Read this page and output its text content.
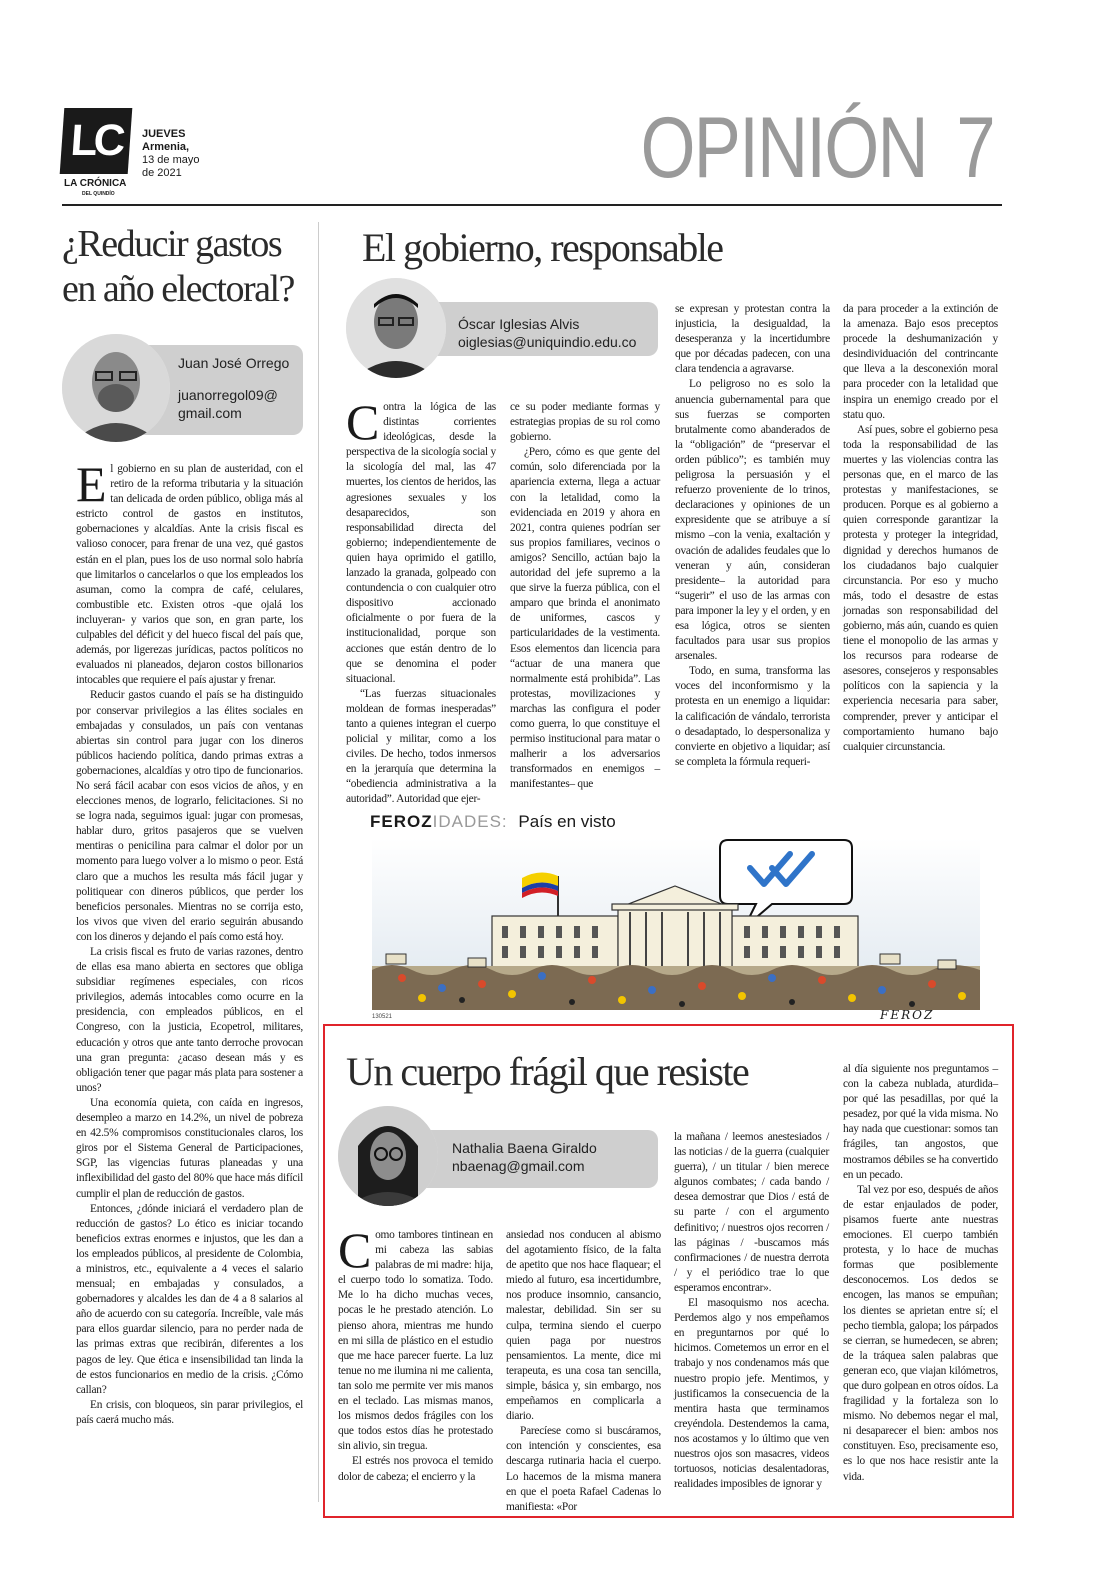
LC
LA CRÓNICA
DEL QUINDÍO
JUEVES
Armenia,
13 de mayo
de 2021	OPINIÓN 7
¿Reducir gastos
en año electoral?
Juan José Orrego
juanorregol09@
gmail.com

El gobierno en su plan de austeridad, con el retiro de la reforma tributaria y la situación tan delicada de orden público, obliga más al estricto control de gastos en institutos, gobernaciones y alcaldías. Ante la crisis fiscal es valioso conocer, para frenar de una vez, qué gastos están en el plan, pues los de uso normal solo habría que limitarlos o cancelarlos o que los empleados los asuman, como la compra de café, celulares, combustible etc. Existen otros -que ojalá los incluyeran- y varios que son, en gran parte, los culpables del déficit y del hueco fiscal del país que, además, por ligerezas jurídicas, pactos políticos no evaluados ni planeados, dejaron costos billonarios intocables que requiere el país ajustar y frenar.

Reducir gastos cuando el país se ha distinguido por conservar privilegios a las élites sociales en embajadas y consulados, un país con ventanas abiertas sin control para jugar con los dineros públicos haciendo política, dando primas extras a gobernaciones, alcaldías y otro tipo de funcionarios. No será fácil acabar con esos vicios de años, y en elecciones menos, de lograrlo, felicitaciones. Si no se logra nada, seguimos igual: jugar con promesas, hablar duro, gritos pasajeros que se vuelven mentiras o penicilina para calmar el dolor por un momento para luego volver a lo mismo o peor. Está claro que a muchos les resulta más fácil jugar y politiquear con dineros públicos, que perder los beneficios personales. Mientras no se corrija esto, los vivos que viven del erario seguirán abusando con los dineros y dejando el país como está hoy.

La crisis fiscal es fruto de varias razones, dentro de ellas esa mano abierta en sectores que obliga subsidiar regímenes especiales, con ricos privilegios, además intocables como ocurre en la presidencia, con empleados públicos, en el Congreso, con la justicia, Ecopetrol, militares, educación y otros que ante tanto derroche provocan una gran pregunta: ¿acaso desean más y es obligación tener que pagar más plata para sostener a unos?

Una economía quieta, con caída en ingresos, desempleo a marzo en 14.2%, un nivel de pobreza en 42.5% compromisos constitucionales claros, los giros por el Sistema General de Participaciones, SGP, las vigencias futuras planeadas y una inflexibilidad del gasto del 80% que hace más difícil cumplir el plan de reducción de gastos.

Entonces, ¿dónde iniciará el verdadero plan de reducción de gastos? Lo ético es iniciar tocando beneficios extras enormes e injustos, que les dan a los empleados públicos, al presidente de Colombia, a ministros, etc., equivalente a 4 veces el salario mensual; en embajadas y consulados, a gobernadores y alcaldes les dan de 4 a 8 salarios al año de acuerdo con su categoría. Increíble, vale más para ellos guardar silencio, para no perder nada de las primas extras que recibirán, diferentes a los pagos de ley. Que ética e insensibilidad tan linda la de estos funcionarios en medio de la crisis. ¿Cómo callan?

En crisis, con bloqueos, sin parar privilegios, el país caerá mucho más.

El gobierno, responsable
Óscar Iglesias Alvis
oiglesias@uniquindio.edu.co

Contra la lógica de las distintas corrientes ideológicas, desde la perspectiva de la sicología social y la sicología del mal, las 47 muertes, los cientos de heridos, las agresiones sexuales y los desaparecidos, son responsabilidad directa del gobierno; independientemente de quien haya oprimido el gatillo, lanzado la granada, golpeado con contundencia o con cualquier otro dispositivo accionado oficialmente o por fuera de la institucionalidad, porque son acciones que están dentro de lo que se denomina el poder situacional.

“Las fuerzas situacionales moldean de formas inesperadas” tanto a quienes integran el cuerpo policial y militar, como a los civiles. De hecho, todos inmersos en la jerarquía que determina la “obediencia administrativa a la autoridad”. Autoridad que ejer-

ce su poder mediante formas y estrategias propias de su rol como gobierno.

¿Pero, cómo es que gente del común, solo diferenciada por la apariencia externa, llega a actuar con la letalidad, como la evidenciada en 2019 y ahora en 2021, contra quienes podrían ser sus propios familiares, vecinos o amigos? Sencillo, actúan bajo la autoridad del jefe supremo a la que sirve la fuerza pública, con el amparo que brinda el anonimato de uniformes, cascos y particularidades de la vestimenta. Esos elementos dan licencia para “actuar de una manera que normalmente está prohibida”. Las protestas, movilizaciones y marchas las configura el poder como guerra, lo que constituye el permiso institucional para matar o malherir a los adversarios transformados en enemigos –manifestantes– que

se expresan y protestan contra la injusticia, la desigualdad, la desesperanza y la incertidumbre que por décadas padecen, con una clara tendencia a agravarse.

Lo peligroso no es solo la anuencia gubernamental para que sus fuerzas se comporten brutalmente como abanderados de la “obligación” de “preservar el orden público”; es también muy peligrosa la persuasión y el refuerzo proveniente de lo trinos, declaraciones y opiniones de un expresidente que se atribuye a sí mismo –con la venia, exaltación y ovación de adalides feudales que lo veneran y aún, consideran presidente– la autoridad para “sugerir” el uso de las armas con para imponer la ley y el orden, y en esa lógica, otros se sienten facultados para usar sus propios arsenales.

Todo, en suma, transforma las voces del inconformismo y la protesta en un enemigo a liquidar: la calificación de vándalo, terrorista o desadaptado, lo despersonaliza y convierte en objetivo a liquidar; así se completa la fórmula requeri-

da para proceder a la extinción de la amenaza. Bajo esos preceptos procede la deshumanización y desindividuación del contrincante que lleva a la desconexión moral para proceder con la letalidad que inspira un enemigo creado por el statu quo.

Así pues, sobre el gobierno pesa toda la responsabilidad de las muertes y las violencias contra las personas que, en el marco de las protestas y manifestaciones, se producen. Porque es al gobierno a quien corresponde garantizar la protesta y proteger la integridad, dignidad y derechos humanos de los ciudadanos bajo cualquier circunstancia. Por eso y mucho más, todo el desastre de estas jornadas son responsabilidad del gobierno, más aún, cuando es quien tiene el monopolio de las armas y los recursos para rodearse de asesores, consejeros y responsables políticos con la sapiencia y la experiencia necesaria para saber, comprender, prever y anticipar el comportamiento humano bajo cualquier circunstancia.

FEROZIDADES: País en visto
130521	FEROZ
Un cuerpo frágil que resiste
Nathalia Baena Giraldo
nbaenag@gmail.com

Como tambores tintinean en mi cabeza las sabias palabras de mi madre: hija, el cuerpo todo lo somatiza. Todo. Me lo ha dicho muchas veces, pocas le he prestado atención. Lo pienso ahora, mientras me hundo en mi silla de plástico en el estudio que me hace parecer fuerte. La luz tenue no me ilumina ni me calienta, tan solo me permite ver mis manos en el teclado. Las mismas manos, los mismos dedos frágiles con los que todos estos días he protestado sin alivio, sin tregua.

El estrés nos provoca el temido dolor de cabeza; el encierro y la

ansiedad nos conducen al abismo del agotamiento físico, de la falta de apetito que nos hace flaquear; el miedo al futuro, esa incertidumbre, nos produce insomnio, cansancio, malestar, debilidad. Sin ser su culpa, termina siendo el cuerpo quien paga por nuestros pensamientos. La mente, dice mi terapeuta, es una cosa tan sencilla, simple, básica y, sin embargo, nos empeñamos en complicarla a diario.

Parecíese como si buscáramos, con intención y conscientes, esa descarga rutinaria hacia el cuerpo. Lo hacemos de la misma manera en que el poeta Rafael Cadenas lo manifiesta: «Por

la mañana / leemos anestesiados / las noticias / de la guerra (cualquier guerra), / un titular / bien merece algunos combates; / cada bando / desea demostrar que Dios / está de su parte / con el argumento definitivo; / nuestros ojos recorren / las páginas / -buscamos más confirmaciones / de nuestra derrota / y el periódico trae lo que esperamos encontrar».

El masoquismo nos acecha. Perdemos algo y nos empeñamos en preguntarnos por qué lo hicimos. Cometemos un error en el trabajo y nos condenamos más que nuestro propio jefe. Mentimos, y justificamos la consecuencia de la mentira hasta que terminamos creyéndola. Destendemos la cama, nos acostamos y lo último que ven nuestros ojos son masacres, videos tortuosos, noticias desalentadoras, realidades imposibles de ignorar y

al día siguiente nos preguntamos –con la cabeza nublada, aturdida– por qué las pesadillas, por qué la pesadez, por qué la vida misma. No hay nada que cuestionar: somos tan frágiles, tan angostos, que mostramos débiles se ha convertido en un pecado.

Tal vez por eso, después de años de estar enjaulados de poder, pisamos fuerte ante nuestras emociones. El cuerpo también protesta, y lo hace de muchas formas que posiblemente desconocemos. Los dedos se encogen, las manos se empuñan; los dientes se aprietan entre sí; el pecho tiembla, galopa; los párpados se cierran, se humedecen, se abren; de la tráquea salen palabras que generan eco, que viajan kilómetros, que duro golpean en otros oídos. La fragilidad y la fortaleza son lo mismo. No debemos negar el mal, ni desaparecer el bien: ambos nos constituyen. Eso, precisamente eso, es lo que nos hace resistir ante la vida.
